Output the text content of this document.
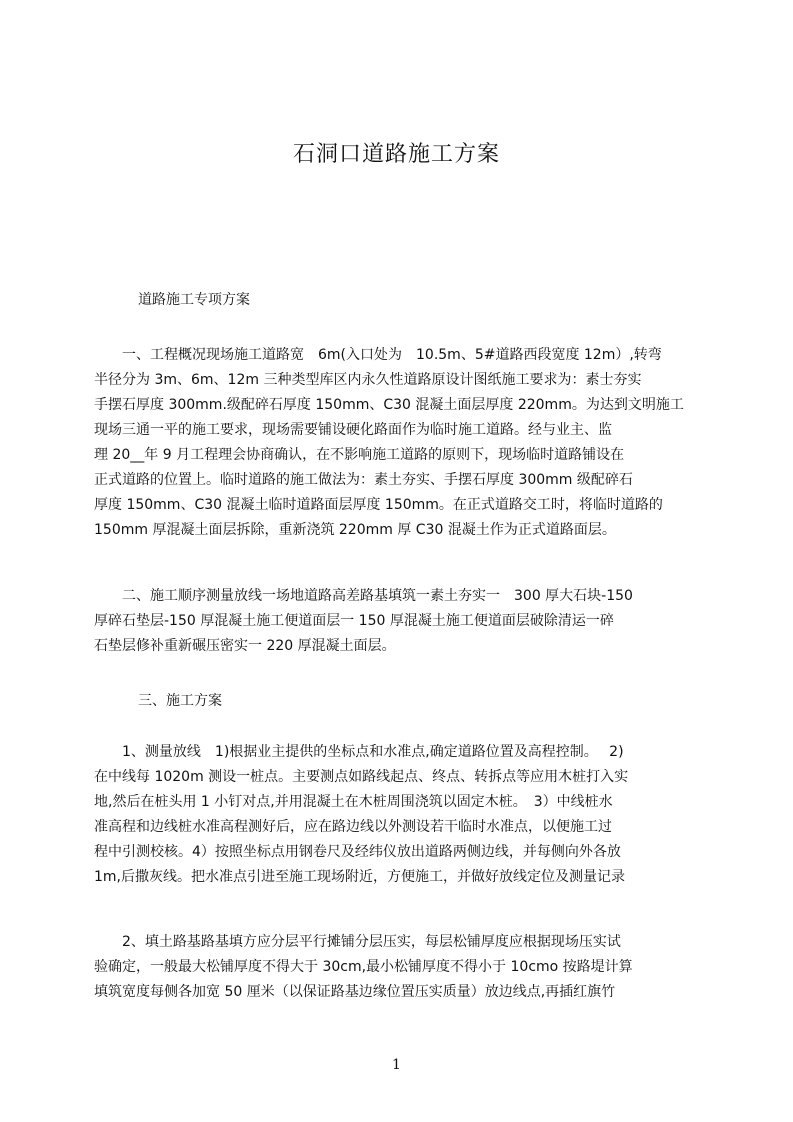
石洞口道路施工方案
道路施工专项方案
　　一、工程概况现场施工道路宽　6m(入口处为　10.5m、5#道路西段宽度 12m）,转弯
半径分为 3m、6m、12m 三种类型库区内永久性道路原设计图纸施工要求为：素士夯实
手摆石厚度 300mm.级配碎石厚度 150mm、C30 混凝土面层厚度 220mm。为达到文明施工
现场三通一平的施工要求，现场需要铺设硬化路面作为临时施工道路。经与业主、监
理 20__年 9 月工程理会协商确认，在不影响施工道路的原则下，现场临时道路铺设在
正式道路的位置上。临时道路的施工做法为：素土夯实、手摆石厚度 300mm 级配碎石
厚度 150mm、C30 混凝土临时道路面层厚度 150mm。在正式道路交工时，将临时道路的
150mm 厚混凝土面层拆除，重新浇筑 220mm 厚 C30 混凝土作为正式道路面层。
　　二、施工顺序测量放线一场地道路高差路基填筑一素土夯实一　300 厚大石块-150
厚碎石垫层-150 厚混凝土施工便道面层一 150 厚混凝土施工便道面层破除清运一碎
石垫层修补重新碾压密实一 220 厚混凝土面层。
三、施工方案
　　1、测量放线　1)根据业主提供的坐标点和水准点,确定道路位置及高程控制。　 2)
在中线每 1020m 测设一桩点。主要测点如路线起点、终点、转拆点等应用木桩打入实
地,然后在桩头用 1 小钉对点,并用混凝土在木桩周围浇筑以固定木桩。　3）中线桩水
准高程和边线桩水准高程测好后，应在路边线以外测设若干临时水准点，以便施工过
程中引测校核。4）按照坐标点用钢卷尺及经纬仪放出道路两侧边线，并每侧向外各放
1m,后撒灰线。把水准点引进至施工现场附近，方便施工，并做好放线定位及测量记录
　　2、填土路基路基填方应分层平行摊铺分层压实，每层松铺厚度应根据现场压实试
验确定，一般最大松铺厚度不得大于 30cm,最小松铺厚度不得小于 10cmo 按路堤计算
填筑宽度每侧各加宽 50 厘米（以保证路基边缘位置压实质量）放边线点,再插红旗竹
1
